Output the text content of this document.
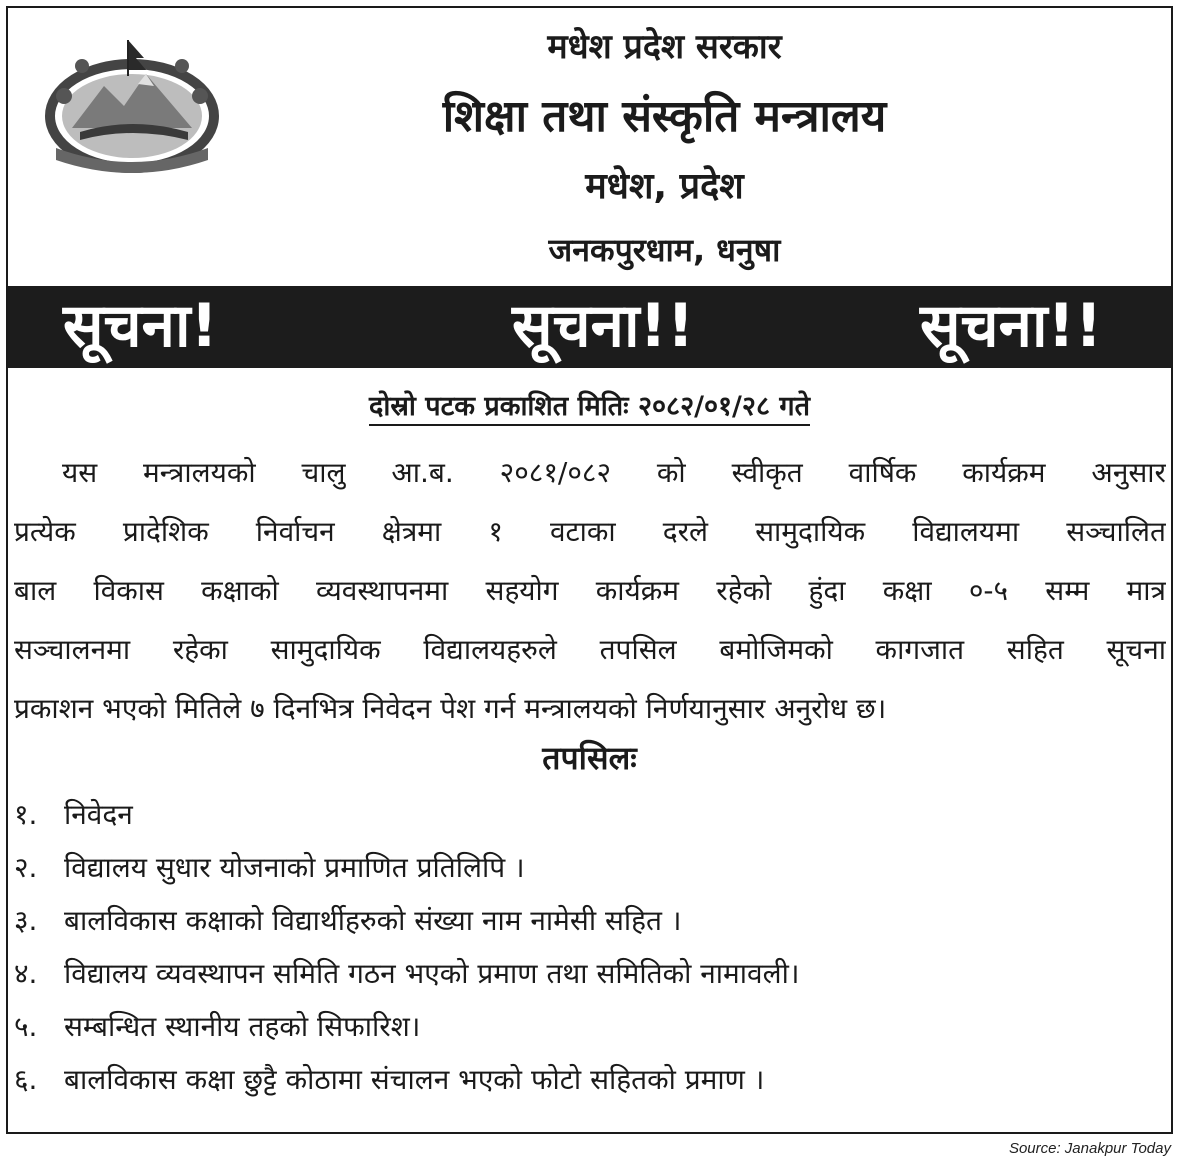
मधेश प्रदेश सरकार
शिक्षा तथा संस्कृति मन्त्रालय
मधेश, प्रदेश
जनकपुरधाम, धनुषा
सूचना!	सूचना!!	सूचना!!
दोस्रो पटक प्रकाशित मितिः २०८२/०१/२८ गते
यस मन्त्रालयको चालु आ.ब. २०८१/०८२ को स्वीकृत वार्षिक कार्यक्रम अनुसार
प्रत्येक प्रादेशिक निर्वाचन क्षेत्रमा १ वटाका दरले सामुदायिक विद्यालयमा सञ्चालित
बाल विकास कक्षाको व्यवस्थापनमा सहयोग कार्यक्रम रहेको हुंदा कक्षा ०-५ सम्म मात्र
सञ्चालनमा रहेका सामुदायिक विद्यालयहरुले तपसिल बमोजिमको कागजात सहित सूचना
प्रकाशन भएको मितिले ७ दिनभित्र निवेदन पेश गर्न मन्त्रालयको निर्णयानुसार अनुरोध छ।
तपसिलः
१. निवेदन
२. विद्यालय सुधार योजनाको प्रमाणित प्रतिलिपि ।
३. बालविकास कक्षाको विद्यार्थीहरुको संख्या नाम नामेसी सहित ।
४. विद्यालय व्यवस्थापन समिति गठन भएको प्रमाण तथा समितिको नामावली।
५. सम्बन्धित स्थानीय तहको सिफारिश।
६. बालविकास कक्षा छुट्टै कोठामा संचालन भएको फोटो सहितको प्रमाण ।
Source: Janakpur Today
